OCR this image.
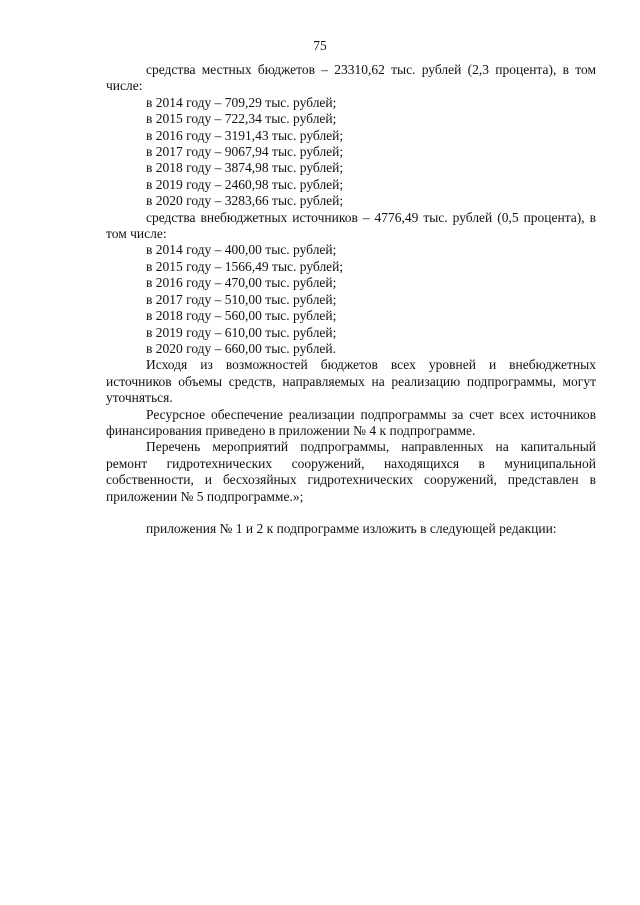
75

средства местных бюджетов – 23310,62 тыс. рублей (2,3 процента), в том числе:

в 2014 году – 709,29 тыс. рублей;

в 2015 году – 722,34 тыс. рублей;

в 2016 году – 3191,43 тыс. рублей;

в 2017 году – 9067,94 тыс. рублей;

в 2018 году – 3874,98 тыс. рублей;

в 2019 году – 2460,98 тыс. рублей;

в 2020 году – 3283,66 тыс. рублей;

средства внебюджетных источников – 4776,49 тыс. рублей (0,5 процента), в том числе:

в 2014 году – 400,00 тыс. рублей;

в 2015 году – 1566,49 тыс. рублей;

в 2016 году – 470,00 тыс. рублей;

в 2017 году – 510,00 тыс. рублей;

в 2018 году – 560,00 тыс. рублей;

в 2019 году – 610,00 тыс. рублей;

в 2020 году – 660,00 тыс. рублей.

Исходя из возможностей бюджетов всех уровней и внебюджетных источников объемы средств, направляемых на реализацию подпрограммы, могут уточняться.

Ресурсное обеспечение реализации подпрограммы за счет всех источников финансирования приведено в приложении № 4 к подпрограмме.

Перечень мероприятий подпрограммы, направленных на капитальный ремонт гидротехнических сооружений, находящихся в муниципальной собственности, и бесхозяйных гидротехнических сооружений, представлен в приложении № 5 подпрограмме.»;

приложения № 1 и 2 к подпрограмме изложить в следующей редакции:
